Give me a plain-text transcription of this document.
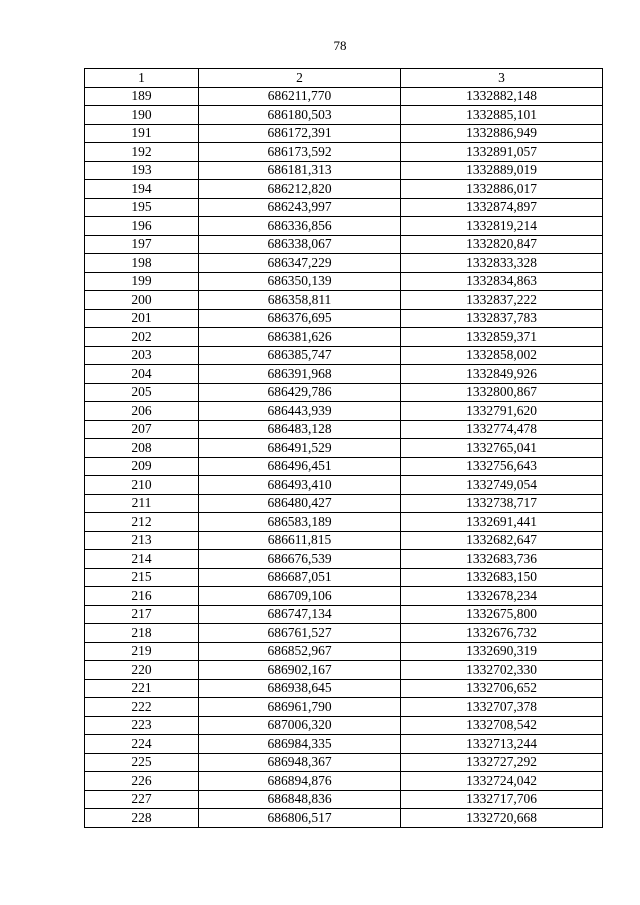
78
1	2	3
189	686211,770	1332882,148
190	686180,503	1332885,101
191	686172,391	1332886,949
192	686173,592	1332891,057
193	686181,313	1332889,019
194	686212,820	1332886,017
195	686243,997	1332874,897
196	686336,856	1332819,214
197	686338,067	1332820,847
198	686347,229	1332833,328
199	686350,139	1332834,863
200	686358,811	1332837,222
201	686376,695	1332837,783
202	686381,626	1332859,371
203	686385,747	1332858,002
204	686391,968	1332849,926
205	686429,786	1332800,867
206	686443,939	1332791,620
207	686483,128	1332774,478
208	686491,529	1332765,041
209	686496,451	1332756,643
210	686493,410	1332749,054
211	686480,427	1332738,717
212	686583,189	1332691,441
213	686611,815	1332682,647
214	686676,539	1332683,736
215	686687,051	1332683,150
216	686709,106	1332678,234
217	686747,134	1332675,800
218	686761,527	1332676,732
219	686852,967	1332690,319
220	686902,167	1332702,330
221	686938,645	1332706,652
222	686961,790	1332707,378
223	687006,320	1332708,542
224	686984,335	1332713,244
225	686948,367	1332727,292
226	686894,876	1332724,042
227	686848,836	1332717,706
228	686806,517	1332720,668
